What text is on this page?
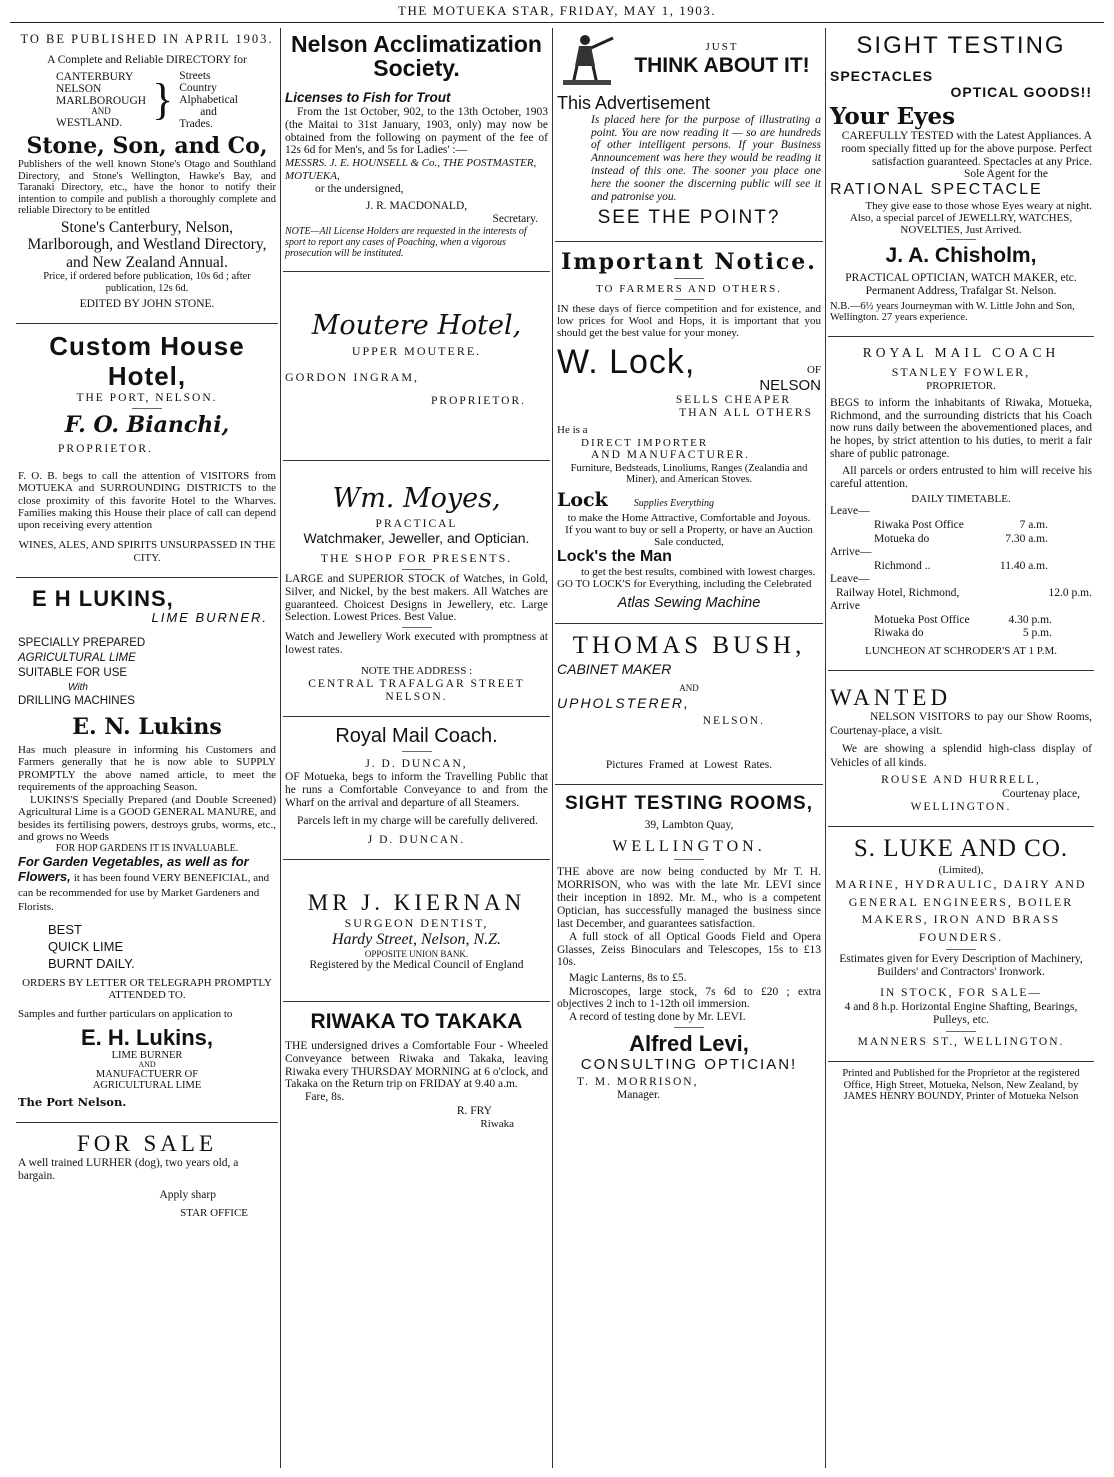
THE MOTUEKA STAR, FRIDAY, MAY 1, 1903.

TO BE PUBLISHED IN APRIL 1903.

A Complete and Reliable DIRECTORY for

CANTERBURY
NELSON
MARLBOROUGH
AND
WESTLAND. } Streets
Country
Alphabetical
and
Trades.

Stone, Son, and Co,

Publishers of the well known Stone's Otago and Southland Directory, and Stone's Wellington, Hawke's Bay, and Taranaki Directory, etc., have the honor to notify their intention to compile and publish a thoroughly complete and reliable Directory to be entitled

Stone's Canterbury, Nelson, Marlborough, and Westland Directory, and New Zealand Annual.

Price, if ordered before publication, 10s 6d ; after publication, 12s 6d.

EDITED BY JOHN STONE.

Custom House Hotel,

THE PORT, NELSON.

F. O. Bianchi,

PROPRIETOR.

F. O. B. begs to call the attention of VISITORS from MOTUEKA and SURROUNDING DISTRICTS to the close proximity of this favorite Hotel to the Wharves. Families making this House their place of call can depend upon receiving every attention

WINES, ALES, AND SPIRITS UNSURPASSED IN THE CITY.

E H LUKINS,

LIME BURNER.

SPECIALLY PREPARED

AGRICULTURAL LIME

SUITABLE FOR USE

With

DRILLING MACHINES

E. N. Lukins

Has much pleasure in informing his Customers and Farmers generally that he is now able to SUPPLY PROMPTLY the above named article, to meet the requirements of the approaching Season.

LUKINS'S Specially Prepared (and Double Screened) Agricultural Lime is a GOOD GENERAL MANURE, and besides its fertilising powers, destroys grubs, worms, etc., and grows no Weeds

FOR HOP GARDENS IT IS INVALUABLE.

For Garden Vegetables, as well as for Flowers, it has been found VERY BENEFICIAL, and can be recommended for use by Market Gardeners and Florists.

BEST

QUICK LIME

BURNT DAILY.

ORDERS BY LETTER OR TELEGRAPH PROMPTLY ATTENDED TO.

Samples and further particulars on application to

E. H. Lukins,

LIME BURNER

AND

MANUFACTUERR OF

AGRICULTURAL LIME

The Port Nelson.

FOR SALE

A well trained LURHER (dog), two years old, a bargain.

Apply sharp

STAR OFFICE

Nelson Acclimatization

Society.

Licenses to Fish for Trout

From the 1st October, 902, to the 13th October, 1903 (the Maitai to 31st January, 1903, only) may now be obtained from the following on payment of the fee of 12s 6d for Men's, and 5s for Ladies' :—

MESSRS. J. E. HOUNSELL & Co., THE POSTMASTER, MOTUEKA,

or the undersigned,

J. R. MACDONALD,

Secretary.

NOTE—All License Holders are requested in the interests of sport to report any cases of Poaching, when a vigorous prosecution will be instituted.

Moutere Hotel,

UPPER MOUTERE.

GORDON INGRAM,

PROPRIETOR.

Wm. Moyes,

PRACTICAL

Watchmaker, Jeweller, and Optician.

THE SHOP FOR PRESENTS.

LARGE and SUPERIOR STOCK of Watches, in Gold, Silver, and Nickel, by the best makers. All Watches are guaranteed. Choicest Designs in Jewellery, etc. Large Selection. Lowest Prices. Best Value.

Watch and Jewellery Work executed with promptness at lowest rates.

NOTE THE ADDRESS :

CENTRAL TRAFALGAR STREET NELSON.

Royal Mail Coach.

J. D. DUNCAN,

OF Motueka, begs to inform the Travelling Public that he runs a Comfortable Conveyance to and from the Wharf on the arrival and departure of all Steamers.

Parcels left in my charge will be carefully delivered.

J D. DUNCAN.

MR J. KIERNAN

SURGEON DENTIST,

Hardy Street, Nelson, N.Z.

OPPOSITE UNION BANK.

Registered by the Medical Council of England

RIWAKA TO TAKAKA

THE undersigned drives a Comfortable Four - Wheeled Conveyance between Riwaka and Takaka, leaving Riwaka every THURSDAY MORNING at 6 o'clock, and Takaka on the Return trip on FRIDAY at 9.40 a.m.

Fare, 8s.

R. FRY

Riwaka

JUST

THINK ABOUT IT!

This Advertisement

Is placed here for the purpose of illustrating a point. You are now reading it — so are hundreds of other intelligent persons. If your Business Announcement was here they would be reading it instead of this one. The sooner you place one here the sooner the discerning public will see it and patronise you.

SEE THE POINT?

Important Notice.

TO FARMERS AND OTHERS.

IN these days of fierce competition and for existence, and low prices for Wool and Hops, it is important that you should get the best value for your money.

W. Lock,	OF
NELSON

SELLS CHEAPER

THAN ALL OTHERS

He is a

DIRECT IMPORTER

AND MANUFACTURER.

Furniture, Bedsteads, Linoliums, Ranges (Zealandia and Miner), and American Stoves.

Lock	Supplies Everything

to make the Home Attractive, Comfortable and Joyous.

If you want to buy or sell a Property, or have an Auction Sale conducted,

Lock's the Man

to get the best results, combined with lowest charges.

GO TO LOCK'S for Everything, including the Celebrated

Atlas Sewing Machine

THOMAS BUSH,

CABINET MAKER

AND

UPHOLSTERER,

NELSON.

Pictures Framed at Lowest Rates.

SIGHT TESTING ROOMS,

39, Lambton Quay,

WELLINGTON.

THE above are now being conducted by Mr T. H. MORRISON, who was with the late Mr. LEVI since their inception in 1892. Mr. M., who is a competent Optician, has successfully managed the business since last December, and guarantees satisfaction.

A full stock of all Optical Goods Field and Opera Glasses, Zeiss Binoculars and Telescopes, 15s to £13 10s.

Magic Lanterns, 8s to £5.

Microscopes, large stock, 7s 6d to £20 ; extra objectives 2 inch to 1-12th oil immersion.

A record of testing done by Mr. LEVI.

Alfred Levi,

CONSULTING OPTICIAN!

T. M. MORRISON,

Manager.

SIGHT TESTING

SPECTACLES

OPTICAL GOODS!!

Your Eyes

CAREFULLY TESTED with the Latest Appliances. A room specially fitted up for the above purpose. Perfect satisfaction guaranteed. Spectacles at any Price.

Sole Agent for the

RATIONAL SPECTACLE

They give ease to those whose Eyes weary at night.

Also, a special parcel of JEWELLRY, WATCHES, NOVELTIES, Just Arrived.

J. A. Chisholm,

PRACTICAL OPTICIAN, WATCH MAKER, etc.

Permanent Address, Trafalgar St. Nelson.

N.B.—6½ years Journeyman with W. Little John and Son, Wellington. 27 years experience.

ROYAL MAIL COACH

STANLEY FOWLER,

PROPRIETOR.

BEGS to inform the inhabitants of Riwaka, Motueka, Richmond, and the surrounding districts that his Coach now runs daily between the abovementioned places, and he hopes, by strict attention to his duties, to merit a fair share of public patronage.

All parcels or orders entrusted to him will receive his careful attention.

DAILY TIMETABLE.

Leave—

Riwaka Post Office	7 a.m.
Motueka do	7.30 a.m.

Arrive—

Richmond ..	11.40 a.m.

Leave—

Railway Hotel, Richmond,	12.0 p.m.

Arrive

Motueka Post Office	4.30 p.m.
Riwaka do	5 p.m.

LUNCHEON AT SCHRODER'S AT 1 P.M.

WANTED

NELSON VISITORS to pay our Show Rooms, Courtenay-place, a visit.

We are showing a splendid high-class display of Vehicles of all kinds.

ROUSE AND HURRELL,

Courtenay place,

WELLINGTON.

S. LUKE AND CO.

(Limited),

MARINE, HYDRAULIC, DAIRY AND GENERAL ENGINEERS, BOILER MAKERS, IRON AND BRASS FOUNDERS.

Estimates given for Every Description of Machinery, Builders' and Contractors' Ironwork.

IN STOCK, FOR SALE—

4 and 8 h.p. Horizontal Engine Shafting, Bearings, Pulleys, etc.

MANNERS ST., WELLINGTON.

Printed and Published for the Proprietor at the registered Office, High Street, Motueka, Nelson, New Zealand, by JAMES HENRY BOUNDY, Printer of Motueka Nelson
